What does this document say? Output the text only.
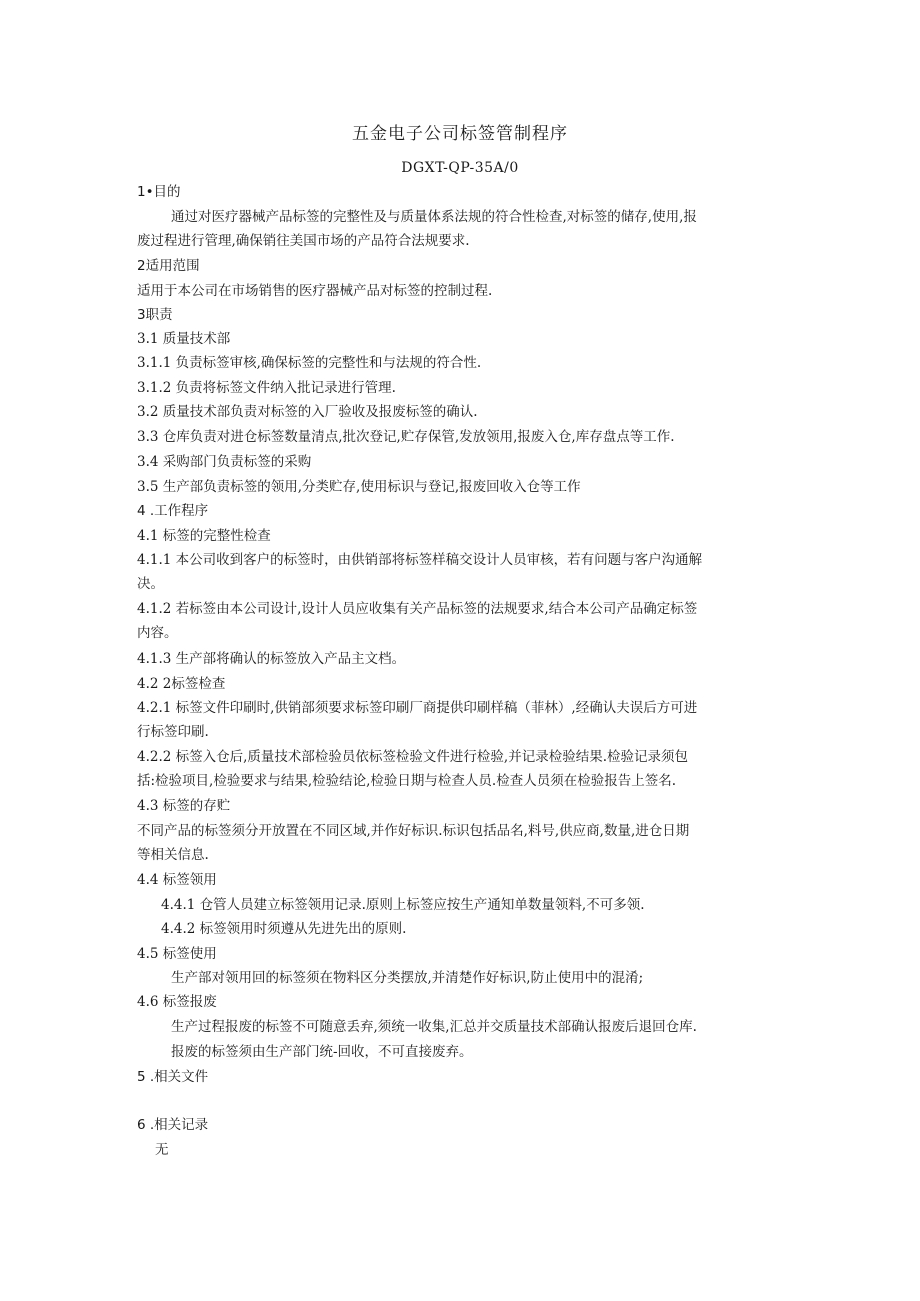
五金电子公司标签管制程序
DGXT-QP-35A/0
1•目的
通过对医疗器械产品标签的完整性及与质量体系法规的符合性检查,对标签的储存,使用,报
废过程进行管理,确保销往美国市场的产品符合法规要求.
2适用范围
适用于本公司在市场销售的医疗器械产品对标签的控制过程.
3职责
3.1 质量技术部
3.1.1 负责标签审核,确保标签的完整性和与法规的符合性.
3.1.2 负责将标签文件纳入批记录进行管理.
3.2 质量技术部负责对标签的入厂验收及报废标签的确认.
3.3 仓库负责对进仓标签数量清点,批次登记,贮存保管,发放领用,报废入仓,库存盘点等工作.
3.4 采购部门负责标签的采购
3.5 生产部负责标签的领用,分类贮存,使用标识与登记,报废回收入仓等工作
4 .工作程序
4.1 标签的完整性检查
4.1.1 本公司收到客户的标签时，由供销部将标签样稿交设计人员审核，若有问题与客户沟通解
决。
4.1.2 若标签由本公司设计,设计人员应收集有关产品标签的法规要求,结合本公司产品确定标签
内容。
4.1.3 生产部将确认的标签放入产品主文档。
4.2 2标签检查
4.2.1 标签文件印刷时,供销部须要求标签印刷厂商提供印刷样稿（菲林）,经确认夫误后方可进
行标签印刷.
4.2.2 标签入仓后,质量技术部检验员依标签检验文件进行检验,并记录检验结果.检验记录须包
括:检验项目,检验要求与结果,检验结论,检验日期与检查人员.检查人员须在检验报告上签名.
4.3 标签的存贮
不同产品的标签须分开放置在不同区域,并作好标识.标识包括品名,料号,供应商,数量,进仓日期
等相关信息.
4.4 标签领用
4.4.1 仓管人员建立标签领用记录.原则上标签应按生产通知单数量领料,不可多领.
4.4.2 标签领用时须遵从先进先出的原则.
4.5 标签使用
生产部对领用回的标签须在物料区分类摆放,并清楚作好标识,防止使用中的混淆;
4.6 标签报废
生产过程报废的标签不可随意丢弃,须统一收集,汇总并交质量技术部确认报废后退回仓库.
报废的标签须由生产部门统-回收，不可直接废弃。
5 .相关文件
6 .相关记录
无
